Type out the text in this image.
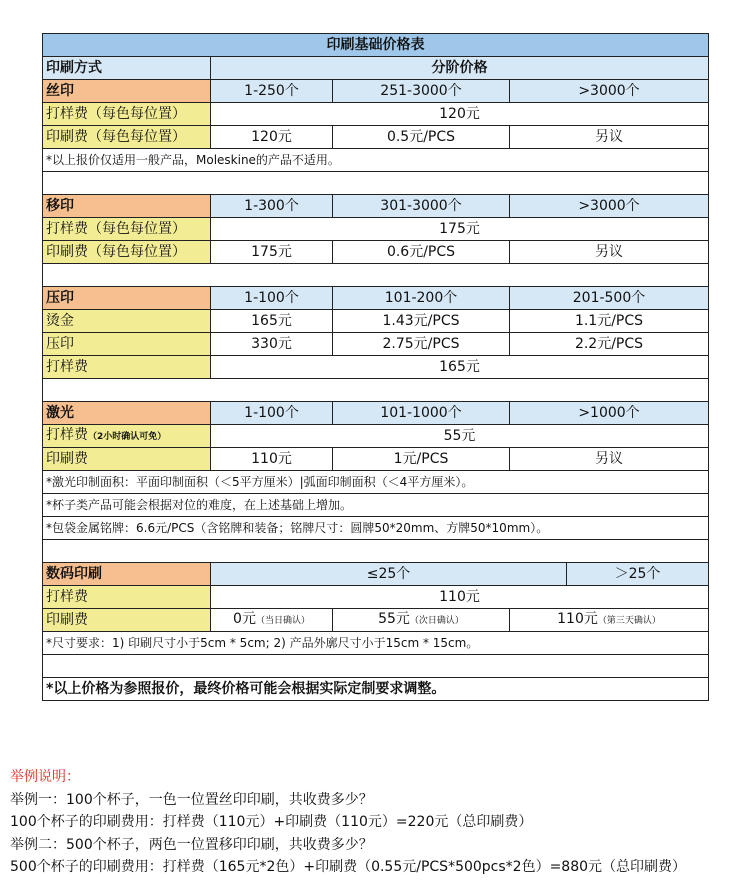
印刷基础价格表				
印刷方式	分阶价格			
丝印	1-250个	251-3000个	>3000个	
打样费（每色每位置）	120元			
印刷费（每色每位置）	120元	0.5元/PCS	另议	
*以上报价仅适用一般产品，Moleskine的产品不适用。				

移印	1-300个	301-3000个	>3000个	
打样费（每色每位置）	175元			
印刷费（每色每位置）	175元	0.6元/PCS	另议	

压印	1-100个	101-200个	201-500个	
烫金	165元	1.43元/PCS	1.1元/PCS	
压印	330元	2.75元/PCS	2.2元/PCS	
打样费	165元			

激光	1-100个	101-1000个	>1000个	
打样费（2小时确认可免）	55元			
印刷费	110元	1元/PCS	另议	
*激光印制面积：平面印制面积（＜5平方厘米）|弧面印制面积（＜4平方厘米）。				
*杯子类产品可能会根据对位的难度，在上述基础上增加。				
*包袋金属铭牌：6.6元/PCS（含铭牌和装备；铭牌尺寸：圆牌50*20mm、方牌50*10mm）。				

数码印刷	≤25个			＞25个
打样费	110元			
印刷费	0元（当日确认）	55元（次日确认）	110元（第三天确认）	
*尺寸要求：1) 印刷尺寸小于5cm * 5cm; 2) 产品外廓尺寸小于15cm * 15cm。				

*以上价格为参照报价，最终价格可能会根据实际定制要求调整。				
举例说明：
举例一：100个杯子，一色一位置丝印印刷，共收费多少？
100个杯子的印刷费用：打样费（110元）+印刷费（110元）=220元（总印刷费）
举例二：500个杯子，两色一位置移印印刷，共收费多少？
500个杯子的印刷费用：打样费（165元*2色）+印刷费（0.55元/PCS*500pcs*2色）=880元（总印刷费）
